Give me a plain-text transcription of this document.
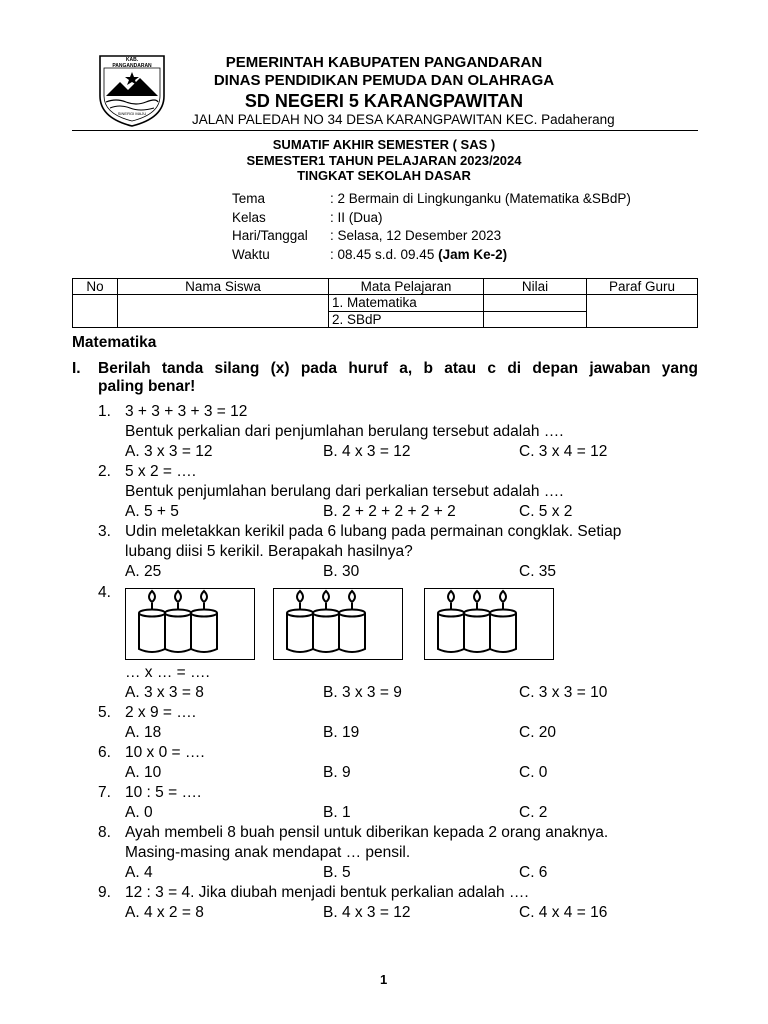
KAB. PANGANDARAN
SINERGI MAJU
PEMERINTAH KABUPATEN PANGANDARAN
DINAS PENDIDIKAN PEMUDA DAN OLAHRAGA
SD NEGERI 5 KARANGPAWITAN
JALAN PALEDAH NO 34 DESA KARANGPAWITAN KEC. Padaherang
SUMATIF AKHIR SEMESTER ( SAS )
SEMESTER1 TAHUN PELAJARAN 2023/2024
TINGKAT SEKOLAH DASAR
Tema	: 2 Bermain di Lingkunganku (Matematika &SBdP)
Kelas	: II (Dua)
Hari/Tanggal	: Selasa, 12 Desember 2023
Waktu	: 08.45 s.d. 09.45 (Jam Ke-2)
No	Nama Siswa	Mata Pelajaran	Nilai	Paraf Guru
		1. Matematika		
		2. SBdP		
Matematika
I. Berilah tanda silang (x) pada huruf a, b atau c di depan jawaban yang
paling benar!
1. 3 + 3 + 3 + 3 = 12
Bentuk perkalian dari penjumlahan berulang tersebut adalah ….
A. 3 x 3 = 12	B. 4 x 3 = 12	C. 3 x 4 = 12
2. 5 x 2 = ….
Bentuk penjumlahan berulang dari perkalian tersebut adalah ….
A. 5 + 5	B. 2 + 2 + 2 + 2 + 2	C. 5 x 2
3. Udin meletakkan kerikil pada 6 lubang pada permainan congklak. Setiap
lubang diisi 5 kerikil. Berapakah hasilnya?
A. 25	B. 30	C. 35
4.
… x … = ….
A. 3 x 3 = 8	B. 3 x 3 = 9	C. 3 x 3 = 10
5. 2 x 9 = ….
A. 18	B. 19	C. 20
6. 10 x 0 = ….
A. 10	B. 9	C. 0
7. 10 : 5 = ….
A. 0	B. 1	C. 2
8. Ayah membeli 8 buah pensil untuk diberikan kepada 2 orang anaknya.
Masing-masing anak mendapat … pensil.
A. 4	B. 5	C. 6
9. 12 : 3 = 4. Jika diubah menjadi bentuk perkalian adalah ….
A. 4 x 2 = 8	B. 4 x 3 = 12	C. 4 x 4 = 16
1
